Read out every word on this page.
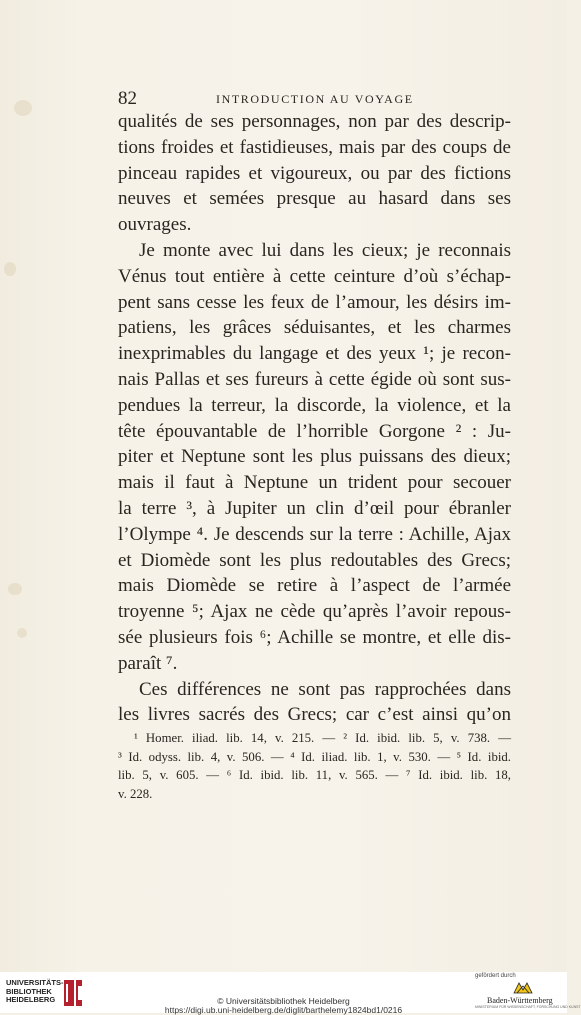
82	INTRODUCTION AU VOYAGE
qualités de ses personnages, non par des descrip-
tions froides et fastidieuses, mais par des coups de
pinceau rapides et vigoureux, ou par des fictions
neuves et semées presque au hasard dans ses
ouvrages.
Je monte avec lui dans les cieux; je reconnais
Vénus tout entière à cette ceinture d’où s’échap-
pent sans cesse les feux de l’amour, les désirs im-
patiens, les grâces séduisantes, et les charmes
inexprimables du langage et des yeux ¹; je recon-
nais Pallas et ses fureurs à cette égide où sont sus-
pendues la terreur, la discorde, la violence, et la
tête épouvantable de l’horrible Gorgone ² : Ju-
piter et Neptune sont les plus puissans des dieux;
mais il faut à Neptune un trident pour secouer
la terre ³, à Jupiter un clin d’œil pour ébranler
l’Olympe ⁴. Je descends sur la terre : Achille, Ajax
et Diomède sont les plus redoutables des Grecs;
mais Diomède se retire à l’aspect de l’armée
troyenne ⁵; Ajax ne cède qu’après l’avoir repous-
sée plusieurs fois ⁶; Achille se montre, et elle dis-
paraît ⁷.
Ces différences ne sont pas rapprochées dans
les livres sacrés des Grecs; car c’est ainsi qu’on
¹ Homer. iliad. lib. 14, v. 215. — ² Id. ibid. lib. 5, v. 738. —
³ Id. odyss. lib. 4, v. 506. — ⁴ Id. iliad. lib. 1, v. 530. — ⁵ Id. ibid.
lib. 5, v. 605. — ⁶ Id. ibid. lib. 11, v. 565. — ⁷ Id. ibid. lib. 18,
v. 228.
UNIVERSITÄTS-
BIBLIOTHEK
HEIDELBERG	© Universitätsbibliothek Heidelberg
https://digi.ub.uni-heidelberg.de/diglit/barthelemy1824bd1/0216
gefördert durch
Baden-Württemberg
MINISTERIUM FÜR WISSENSCHAFT, FORSCHUNG UND KUNST
